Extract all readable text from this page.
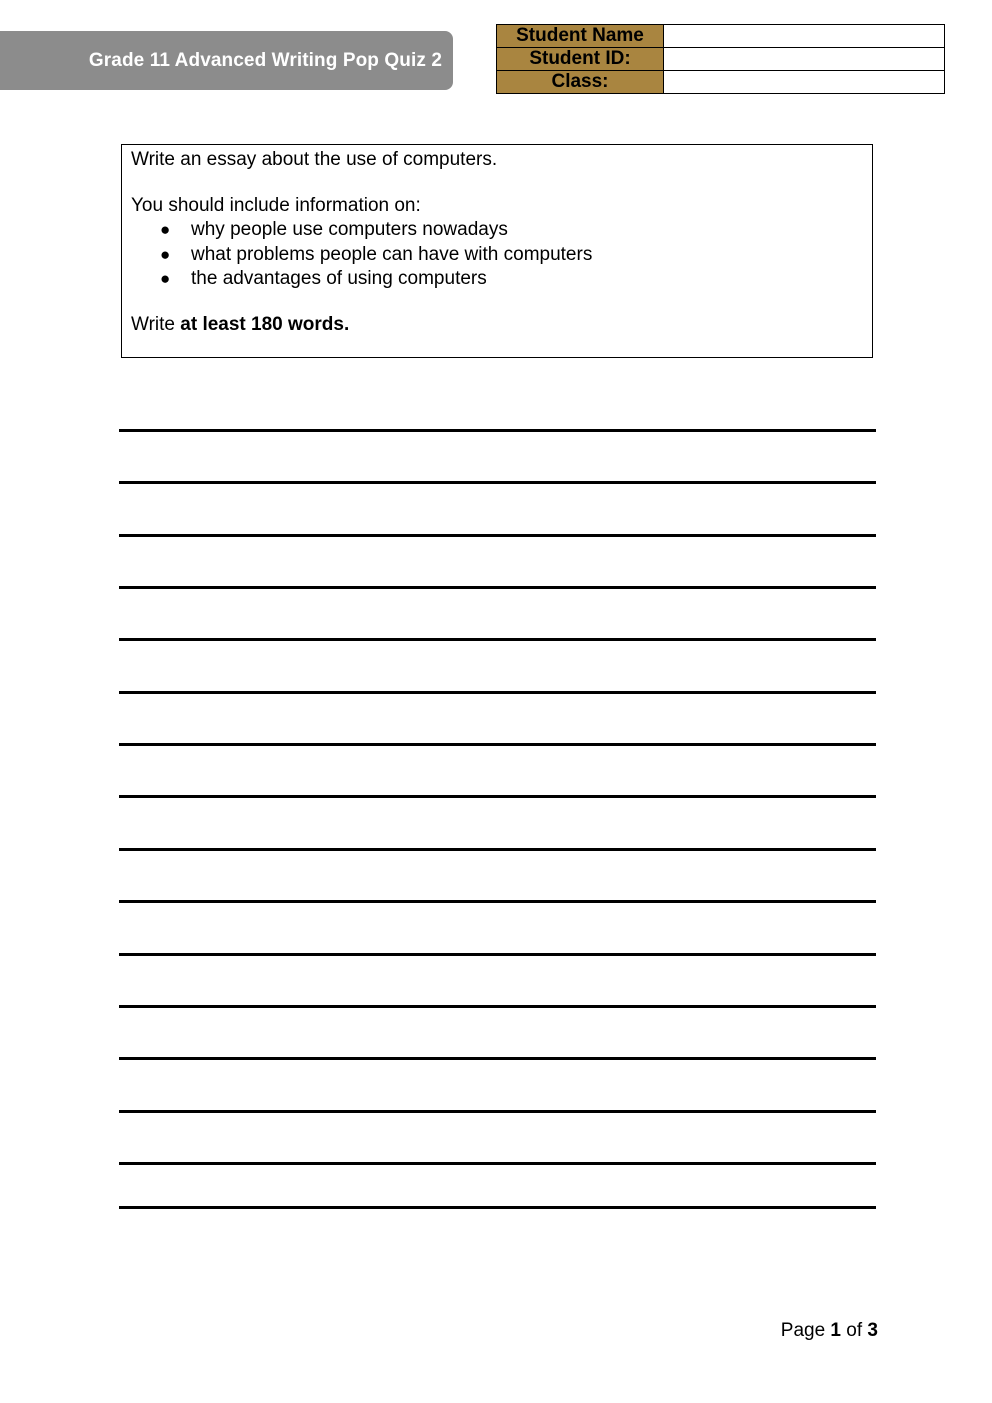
Grade 11 Advanced Writing Pop Quiz 2
Student Name	
Student ID:	
Class:	

Write an essay about the use of computers.

You should include information on:

● why people use computers nowadays
● what problems people can have with computers
● the advantages of using computers

Write at least 180 words.

Page 1 of 3
